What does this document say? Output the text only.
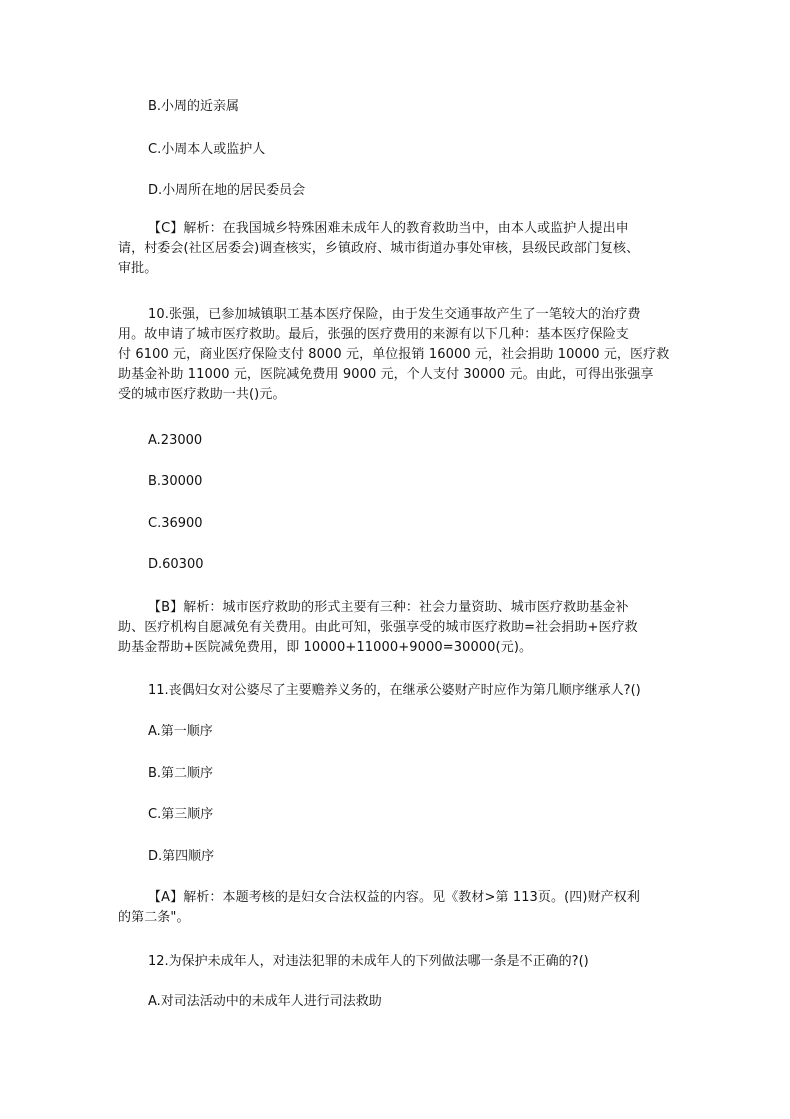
B.小周的近亲属
C.小周本人或监护人
D.小周所在地的居民委员会
【C】解析：在我国城乡特殊困难未成年人的教育救助当中，由本人或监护人提出申
请，村委会(社区居委会)调查核实，乡镇政府、城市街道办事处审核，县级民政部门复核、
审批。
10.张强，已参加城镇职工基本医疗保险，由于发生交通事故产生了一笔较大的治疗费
用。故申请了城市医疗救助。最后，张强的医疗费用的来源有以下几种：基本医疗保险支
付 6100 元，商业医疗保险支付 8000 元，单位报销 16000 元，社会捐助 10000 元，医疗救
助基金补助 11000 元，医院减免费用 9000 元，个人支付 30000 元。由此，可得出张强享
受的城市医疗救助一共()元。
A.23000
B.30000
C.36900
D.60300
【B】解析：城市医疗救助的形式主要有三种：社会力量资助、城市医疗救助基金补
助、医疗机构自愿减免有关费用。由此可知，张强享受的城市医疗救助=社会捐助+医疗救
助基金帮助+医院减免费用，即 10000+11000+9000=30000(元)。
11.丧偶妇女对公婆尽了主要赡养义务的，在继承公婆财产时应作为第几顺序继承人?()
A.第一顺序
B.第二顺序
C.第三顺序
D.第四顺序
【A】解析：本题考核的是妇女合法权益的内容。见《教材>第 113页。(四)财产权利
的第二条"。
12.为保护未成年人，对违法犯罪的未成年人的下列做法哪一条是不正确的?()
A.对司法活动中的未成年人进行司法救助
